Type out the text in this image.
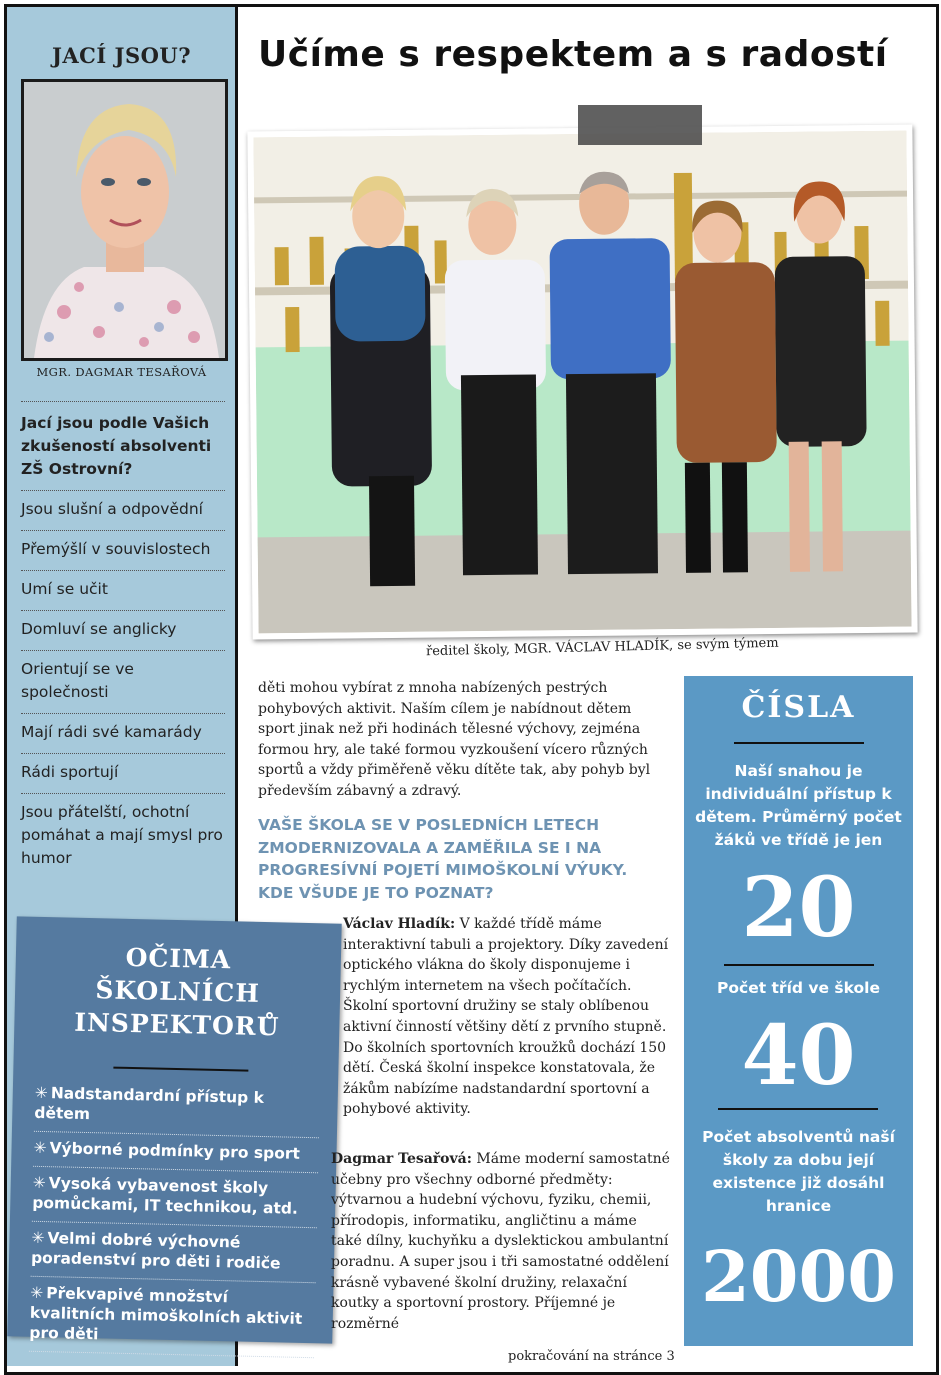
JACÍ JSOU?
MGR. DAGMAR TESAŘOVÁ
Jací jsou podle Vašich zkušeností absolventi ZŠ Ostrovní?
Jsou slušní a odpovědní
Přemýšlí v souvislostech
Umí se učit
Domluví se anglicky
Orientují se ve společnosti
Mají rádi své kamarády
Rádi sportují
Jsou přátelští, ochotní pomáhat a mají smysl pro humor
OČIMA
ŠKOLNÍCH
INSPEKTORŮ
✳ Nadstandardní přístup k dětem
✳ Výborné podmínky pro sport
✳ Vysoká vybavenost školy pomůckami, IT technikou, atd.
✳ Velmi dobré výchovné poradenství pro děti i rodiče
✳ Překvapivé množství kvalitních mimoškolních aktivit pro děti
Učíme s respektem a s radostí
ředitel školy, MGR. VÁCLAV HLADÍK, se svým týmem
děti mohou vybírat z mnoha nabízených pestrých pohybových aktivit. Naším cílem je nabídnout dětem sport jinak než při hodinách tělesné výchovy, zejména formou hry, ale také formou vyzkoušení vícero různých sportů a vždy přiměřeně věku dítěte tak, aby pohyb byl především zábavný a zdravý.
VAŠE ŠKOLA SE V POSLEDNÍCH LETECH ZMODERNIZOVALA A ZAMĚŘILA SE I NA PROGRESÍVNÍ POJETÍ MIMOŠKOLNÍ VÝUKY. KDE VŠUDE JE TO POZNAT?
Václav Hladík: V každé třídě máme interaktivní tabuli a projektory. Díky zavedení optického vlákna do školy disponujeme i rychlým internetem na všech počítačích. Školní sportovní družiny se staly oblíbenou aktivní činností většiny dětí z prvního stupně. Do školních sportovních kroužků dochází 150 dětí. Česká školní inspekce konstatovala, že žákům nabízíme nadstandardní sportovní a pohybové aktivity.
Dagmar Tesařová: Máme moderní samostatné učebny pro všechny odborné předměty: výtvarnou a hudební výchovu, fyziku, chemii, přírodopis, informatiku, angličtinu a máme také dílny, kuchyňku a dyslektickou ambulantní poradnu. A super jsou i tři samostatné oddělení krásně vybavené školní družiny, relaxační koutky a sportovní prostory. Příjemné je rozměrné
pokračování na stránce 3
ČÍSLA
Naší snahou je individuální přístup k dětem. Průměrný počet žáků ve třídě je jen
20
Počet tříd ve škole
40
Počet absolventů naší školy za dobu její existence již dosáhl hranice
2000
